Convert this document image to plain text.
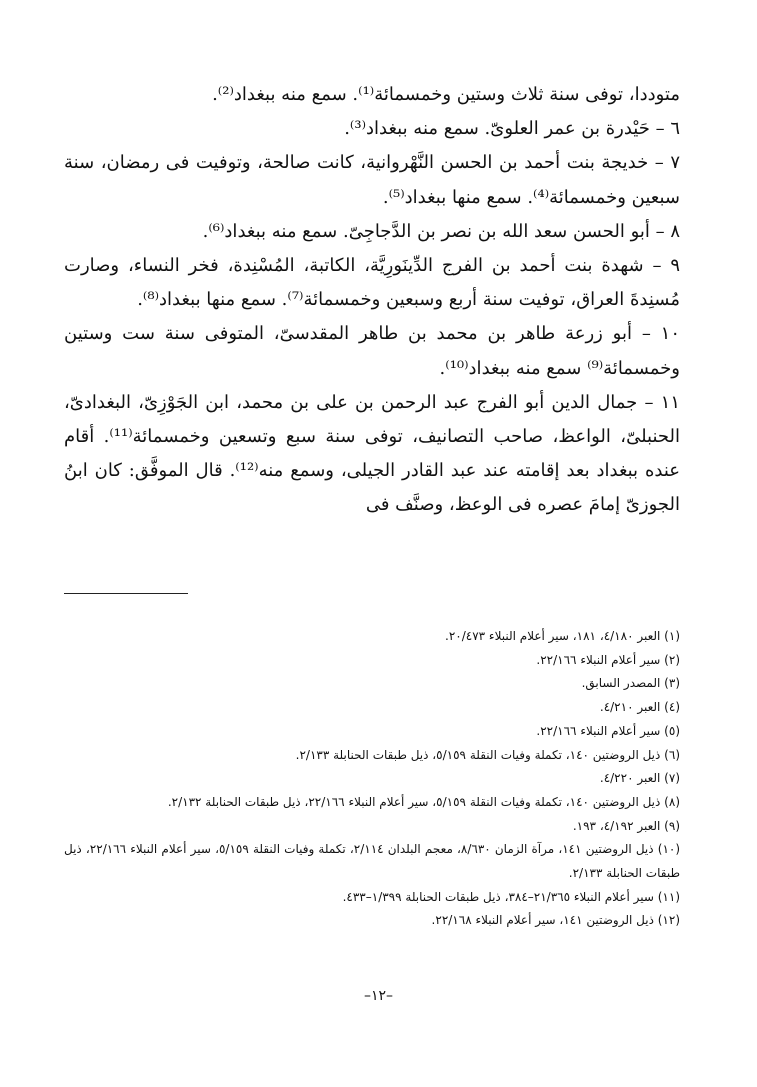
متوددا، توفى سنة ثلاث وستين وخمسمائة⁽¹⁾. سمع منه ببغداد⁽²⁾.

٦ – حَيْدرة بن عمر العلوىّ. سمع منه ببغداد⁽³⁾.

٧ – خديجة بنت أحمد بن الحسن النَّهْروانية، كانت صالحة، وتوفيت فى رمضان، سنة سبعين وخمسمائة⁽⁴⁾. سمع منها ببغداد⁽⁵⁾.

٨ – أبو الحسن سعد الله بن نصر بن الدَّجاجِىّ. سمع منه ببغداد⁽⁶⁾.

٩ – شهدة بنت أحمد بن الفرج الدِّينَورِيَّة، الكاتبة، المُسْنِدة، فخر النساء، وصارت مُسنِدةَ العراق، توفيت سنة أربع وسبعين وخمسمائة⁽⁷⁾. سمع منها ببغداد⁽⁸⁾.

١٠ – أبو زرعة طاهر بن محمد بن طاهر المقدسىّ، المتوفى سنة ست وستين وخمسمائة⁽⁹⁾ سمع منه ببغداد⁽¹⁰⁾.

١١ – جمال الدين أبو الفرج عبد الرحمن بن على بن محمد، ابن الجَوْزِىّ، البغدادىّ، الحنبلىّ، الواعظ، صاحب التصانيف، توفى سنة سبع وتسعين وخمسمائة⁽¹¹⁾. أقام عنده ببغداد بعد إقامته عند عبد القادر الجيلى، وسمع منه⁽¹²⁾. قال الموفَّق: كان ابنُ الجوزىّ إمامَ عصره فى الوعظ، وصنَّف فى

(١) العبر ٤/١٨٠، ١٨١، سير أعلام النبلاء ٢٠/٤٧٣.

(٢) سير أعلام النبلاء ٢٢/١٦٦.

(٣) المصدر السابق.

(٤) العبر ٤/٢١٠.

(٥) سير أعلام النبلاء ٢٢/١٦٦.

(٦) ذيل الروضتين ١٤٠، تكملة وفيات النقلة ٥/١٥٩، ذيل طبقات الحنابلة ٢/١٣٣.

(٧) العبر ٤/٢٢٠.

(٨) ذيل الروضتين ١٤٠، تكملة وفيات النقلة ٥/١٥٩، سير أعلام النبلاء ٢٢/١٦٦، ذيل طبقات الحنابلة ٢/١٣٢.

(٩) العبر ٤/١٩٢، ١٩٣.

(١٠) ذيل الروضتين ١٤١، مرآة الزمان ٨/٦٣٠، معجم البلدان ٢/١١٤، تكملة وفيات النقلة ٥/١٥٩، سير أعلام النبلاء ٢٢/١٦٦، ذيل طبقات الحنابلة ٢/١٣٣.

(١١) سير أعلام النبلاء ٢١/٣٦٥–٣٨٤، ذيل طبقات الحنابلة ١/٣٩٩–٤٣٣.

(١٢) ذيل الروضتين ١٤١، سير أعلام النبلاء ٢٢/١٦٨.

–١٢–
